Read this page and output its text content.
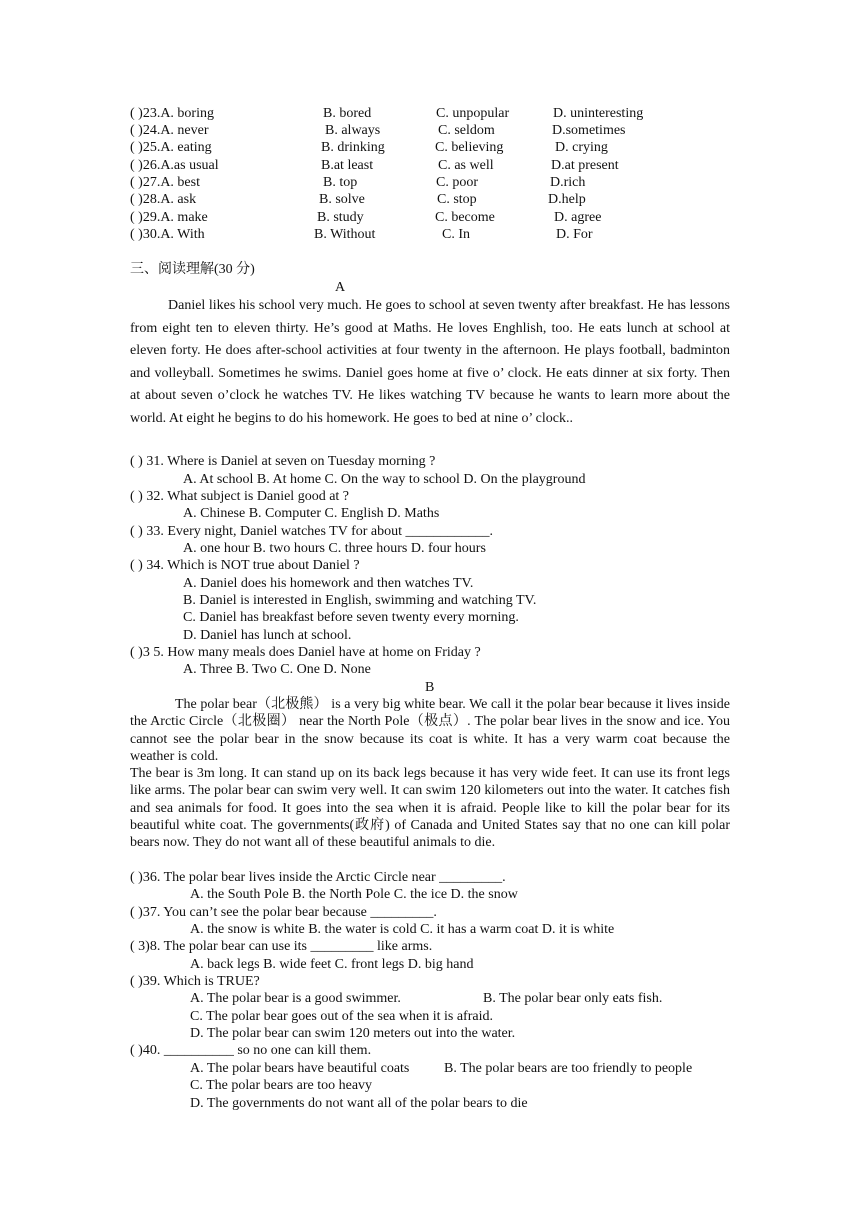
( )23.A. boring	B. bored	C. unpopular	D. uninteresting
( )24.A. never	B. always	C. seldom	D.sometimes
( )25.A. eating	B. drinking	C. believing	D. crying
( )26.A.as usual	B.at least	C. as well	D.at present
( )27.A. best	B. top	C. poor	D.rich
( )28.A. ask	B. solve	C. stop	D.help
( )29.A. make	B. study	C. become	D. agree
( )30.A. With	B. Without	C. In	D. For
三、阅读理解(30 分)
A
Daniel likes his school very much. He goes to school at seven twenty after breakfast. He has lessons from eight ten to eleven thirty. He’s good at Maths. He loves Enghlish, too. He eats lunch at school at eleven forty. He does after-school activities at four twenty in the afternoon. He plays football, badminton and volleyball. Sometimes he swims. Daniel goes home at five o’ clock. He eats dinner at six forty. Then at about seven o’clock he watches TV. He likes watching TV because he wants to learn more about the world. At eight he begins to do his homework. He goes to bed at nine o’ clock..
( ) 31. Where is Daniel at seven on Tuesday morning ?
A. At school B. At home C. On the way to school D. On the playground
( ) 32. What subject is Daniel good at ?
A. Chinese B. Computer C. English D. Maths
( ) 33. Every night, Daniel watches TV for about ____________.
A. one hour B. two hours C. three hours D. four hours
( ) 34. Which is NOT true about Daniel ?
A. Daniel does his homework and then watches TV.
B. Daniel is interested in English, swimming and watching TV.
C. Daniel has breakfast before seven twenty every morning.
D. Daniel has lunch at school.
( )3 5. How many meals does Daniel have at home on Friday ?
A. Three B. Two C. One D. None
B
The polar bear（北极熊） is a very big white bear. We call it the polar bear because it lives inside the Arctic Circle（北极圈） near the North Pole（极点）. The polar bear lives in the snow and ice. You cannot see the polar bear in the snow because its coat is white. It has a very warm coat because the weather is cold.
The bear is 3m long. It can stand up on its back legs because it has very wide feet. It can use its front legs like arms. The polar bear can swim very well. It can swim 120 kilometers out into the water. It catches fish and sea animals for food. It goes into the sea when it is afraid. People like to kill the polar bear for its beautiful white coat. The governments(政府) of Canada and United States say that no one can kill polar bears now. They do not want all of these beautiful animals to die.
( )36. The polar bear lives inside the Arctic Circle near _________.
A. the South Pole B. the North Pole C. the ice D. the snow
( )37. You can’t see the polar bear because _________.
A. the snow is white B. the water is cold C. it has a warm coat D. it is white
( 3)8. The polar bear can use its _________ like arms.
A. back legs B. wide feet C. front legs D. big hand
( )39. Which is TRUE?
A. The polar bear is a good swimmer.	B. The polar bear only eats fish.
C. The polar bear goes out of the sea when it is afraid.
D. The polar bear can swim 120 meters out into the water.
( )40. __________ so no one can kill them.
A. The polar bears have beautiful coats B. The polar bears are too friendly to people
C. The polar bears are too heavy
D. The governments do not want all of the polar bears to die
